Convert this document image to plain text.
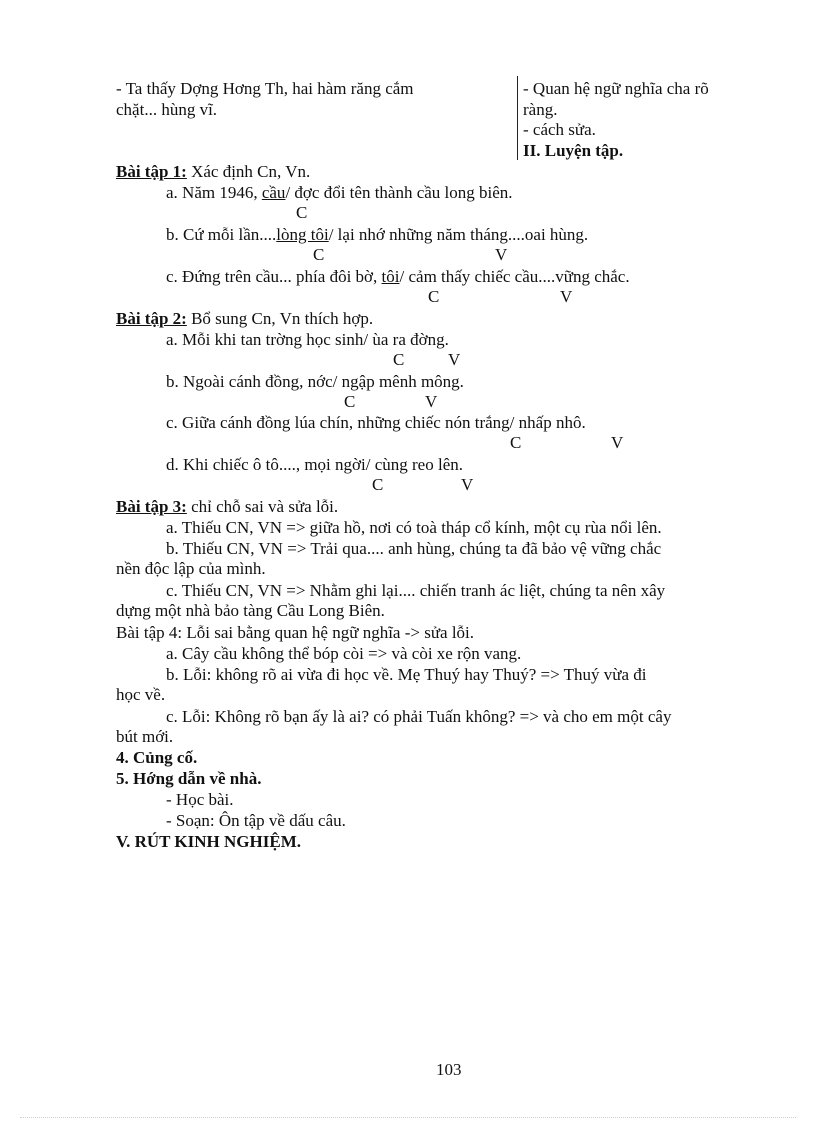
- Ta thấy Dợng Hơng Th, hai hàm răng cắm
chặt... hùng vĩ.
- Quan hệ ngữ nghĩa cha rõ
ràng.
- cách sửa.
II. Luyện tập.
Bài tập 1: Xác định Cn, Vn.
a. Năm 1946, cầu/ đợc đổi tên thành cầu long biên.
C
b. Cứ mỗi lần....lòng tôi/ lại nhớ những năm tháng....oai hùng.
C	V
c. Đứng trên cầu... phía đôi bờ, tôi/ cảm thấy chiếc cầu....vững chắc.
C	V
Bài tập 2: Bổ sung Cn, Vn thích hợp.
a. Mỗi khi tan trờng học sinh/ ùa ra đờng.
C	V
b. Ngoài cánh đồng, nớc/ ngập mênh mông.
C	V
c. Giữa cánh đồng lúa chín, những chiếc nón trắng/ nhấp nhô.
C	V
d. Khi chiếc ô tô...., mọi ngời/ cùng reo lên.
C	V
Bài tập 3: chỉ chỗ sai và sửa lỗi.
a. Thiếu CN, VN => giữa hồ, nơi có toà tháp cổ kính, một cụ rùa nổi lên.
b. Thiếu CN, VN => Trải qua.... anh hùng, chúng ta đã bảo vệ vững chắc
nền độc lập của mình.
c. Thiếu CN, VN => Nhằm ghi lại.... chiến tranh ác liệt, chúng ta nên xây
dựng một nhà bảo tàng Cầu Long Biên.
Bài tập 4: Lỗi sai bằng quan hệ ngữ nghĩa -> sửa lỗi.
a. Cây cầu không thể bóp còi => và còi xe rộn vang.
b. Lỗi: không rõ ai vừa đi học về. Mẹ Thuý hay Thuý? => Thuý vừa đi
học về.
c. Lỗi: Không rõ bạn ấy là ai? có phải Tuấn không? => và cho em một cây
bút mới.
4. Củng cố.
5. Hớng dẫn về nhà.
- Học bài.
- Soạn: Ôn tập về dấu câu.
V. RÚT KINH NGHIỆM.
103
